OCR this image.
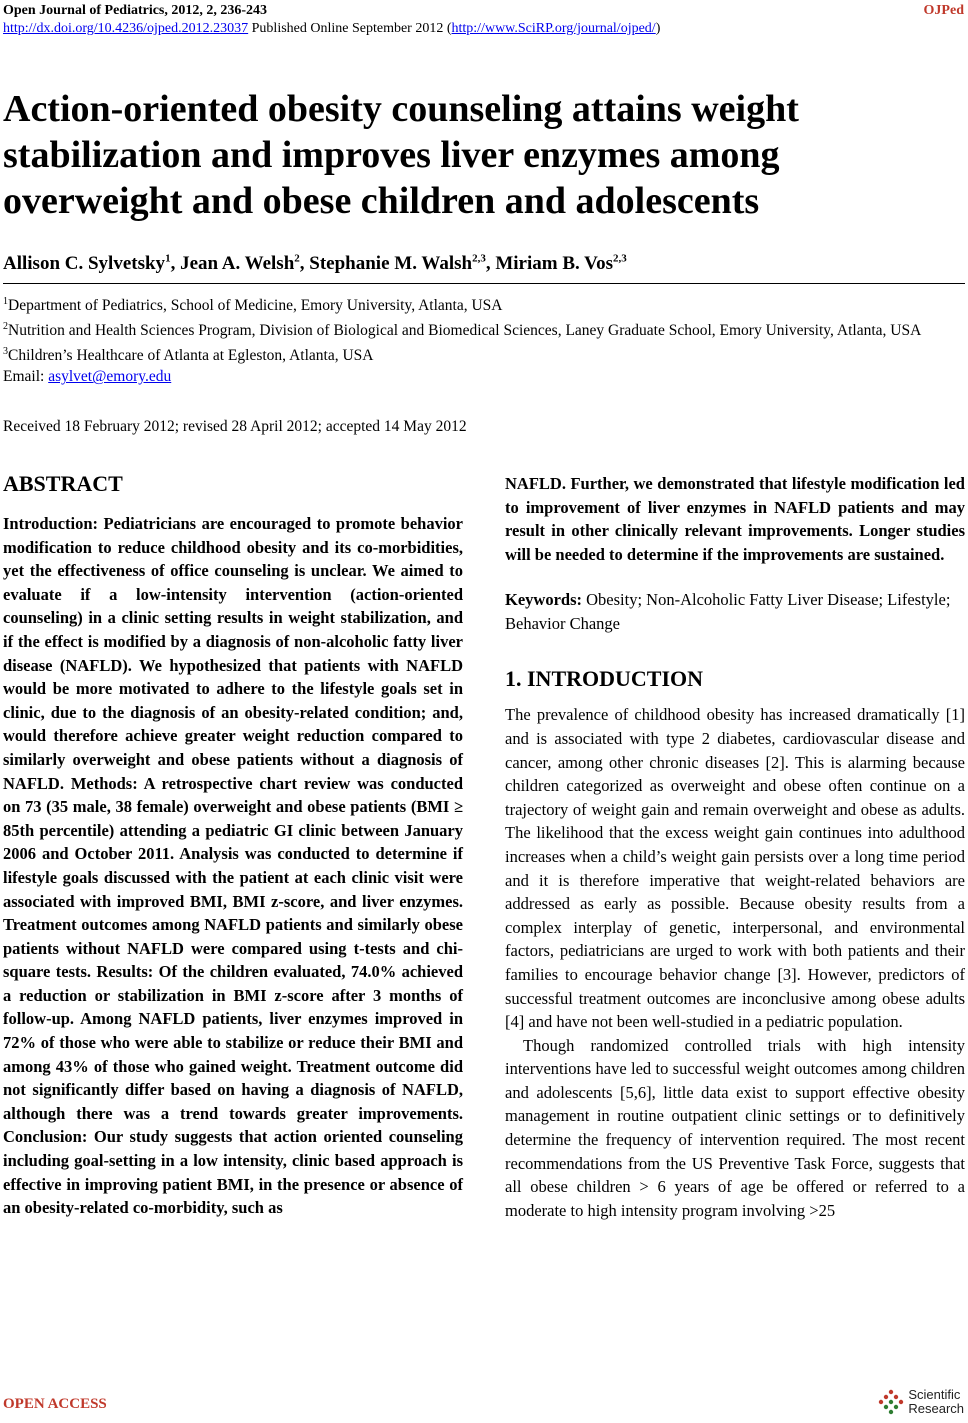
Open Journal of Pediatrics, 2012, 2, 236-243	OJPed
http://dx.doi.org/10.4236/ojped.2012.23037 Published Online September 2012 (http://www.SciRP.org/journal/ojped/)
Action-oriented obesity counseling attains weight stabilization and improves liver enzymes among overweight and obese children and adolescents
Allison C. Sylvetsky$^1$, Jean A. Welsh$^2$, Stephanie M. Walsh$^{2,3}$, Miriam B. Vos$^{2,3}$
$^1$Department of Pediatrics, School of Medicine, Emory University, Atlanta, USA
$^2$Nutrition and Health Sciences Program, Division of Biological and Biomedical Sciences, Laney Graduate School, Emory University, Atlanta, USA
$^3$Children’s Healthcare of Atlanta at Egleston, Atlanta, USA
Email: asylvet@emory.edu
Received 18 February 2012; revised 28 April 2012; accepted 14 May 2012
ABSTRACT

Introduction: Pediatricians are encouraged to promote behavior modification to reduce childhood obesity and its co-morbidities, yet the effectiveness of office counseling is unclear. We aimed to evaluate if a low-intensity intervention (action-oriented counseling) in a clinic setting results in weight stabilization, and if the effect is modified by a diagnosis of non-alcoholic fatty liver disease (NAFLD). We hypothesized that patients with NAFLD would be more motivated to adhere to the lifestyle goals set in clinic, due to the diagnosis of an obesity-related condition; and, would therefore achieve greater weight reduction compared to similarly overweight and obese patients without a diagnosis of NAFLD. Methods: A retrospective chart review was conducted on 73 (35 male, 38 female) overweight and obese patients (BMI ≥ 85th percentile) attending a pediatric GI clinic between January 2006 and October 2011. Analysis was conducted to determine if lifestyle goals discussed with the patient at each clinic visit were associated with improved BMI, BMI z-score, and liver enzymes. Treatment outcomes among NAFLD patients and similarly obese patients without NAFLD were compared using t-tests and chi-square tests. Results: Of the children evaluated, 74.0% achieved a reduction or stabilization in BMI z-score after 3 months of follow-up. Among NAFLD patients, liver enzymes improved in 72% of those who were able to stabilize or reduce their BMI and among 43% of those who gained weight. Treatment outcome did not significantly differ based on having a diagnosis of NAFLD, although there was a trend towards greater improvements. Conclusion: Our study suggests that action oriented counseling including goal-setting in a low intensity, clinic based approach is effective in improving patient BMI, in the presence or absence of an obesity-related co-morbidity, such as

NAFLD. Further, we demonstrated that lifestyle modification led to improvement of liver enzymes in NAFLD patients and may result in other clinically relevant improvements. Longer studies will be needed to determine if the improvements are sustained.

Keywords: Obesity; Non-Alcoholic Fatty Liver Disease; Lifestyle; Behavior Change

1. INTRODUCTION

The prevalence of childhood obesity has increased dramatically [1] and is associated with type 2 diabetes, cardiovascular disease and cancer, among other chronic diseases [2]. This is alarming because children categorized as overweight and obese often continue on a trajectory of weight gain and remain overweight and obese as adults. The likelihood that the excess weight gain continues into adulthood increases when a child’s weight gain persists over a long time period and it is therefore imperative that weight-related behaviors are addressed as early as possible. Because obesity results from a complex interplay of genetic, interpersonal, and environmental factors, pediatricians are urged to work with both patients and their families to encourage behavior change [3]. However, predictors of successful treatment outcomes are inconclusive among obese adults [4] and have not been well-studied in a pediatric population.

Though randomized controlled trials with high intensity interventions have led to successful weight outcomes among children and adolescents [5,6], little data exist to support effective obesity management in routine outpatient clinic settings or to definitively determine the frequency of intervention required. The most recent recommendations from the US Preventive Task Force, suggests that all obese children > 6 years of age be offered or referred to a moderate to high intensity program involving >25

OPEN ACCESS
Scientific
Research
